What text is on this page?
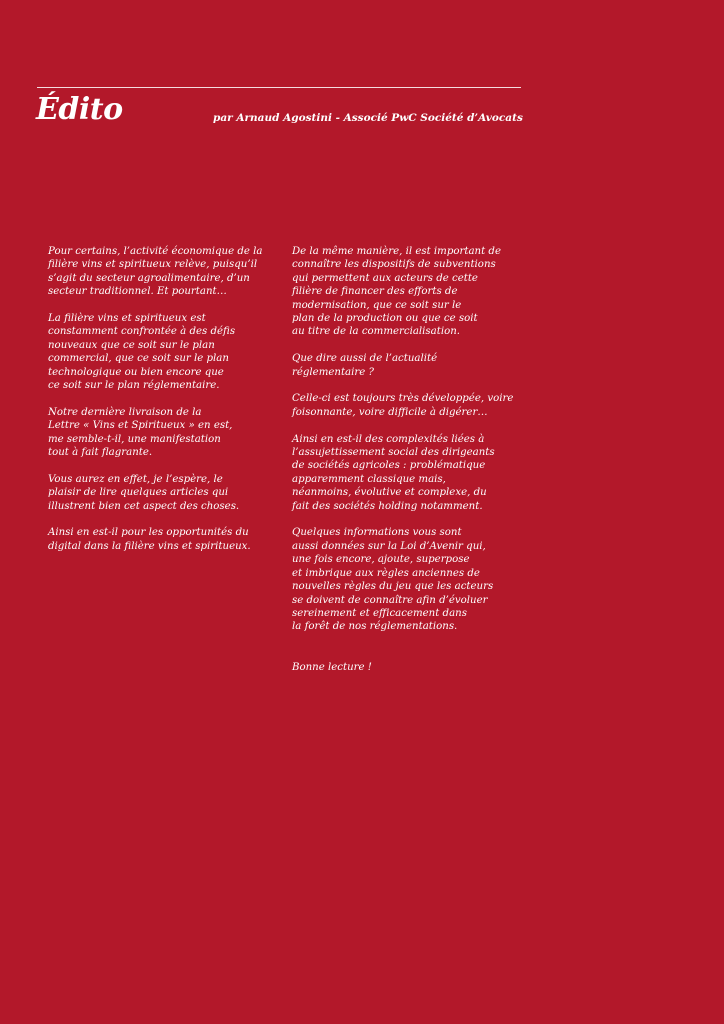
Édito	par Arnaud Agostini - Associé PwC Société d’Avocats

Pour certains, l’activité économique de la
filière vins et spiritueux relève, puisqu’il
s’agit du secteur agroalimentaire, d’un
secteur traditionnel. Et pourtant…

La filière vins et spiritueux est
constamment confrontée à des défis
nouveaux que ce soit sur le plan
commercial, que ce soit sur le plan
technologique ou bien encore que
ce soit sur le plan réglementaire.

Notre dernière livraison de la
Lettre « Vins et Spiritueux » en est,
me semble-t-il, une manifestation
tout à fait flagrante.

Vous aurez en effet, je l’espère, le
plaisir de lire quelques articles qui
illustrent bien cet aspect des choses.

Ainsi en est-il pour les opportunités du
digital dans la filière vins et spiritueux.

De la même manière, il est important de
connaître les dispositifs de subventions
qui permettent aux acteurs de cette
filière de financer des efforts de
modernisation, que ce soit sur le
plan de la production ou que ce soit
au titre de la commercialisation.

Que dire aussi de l’actualité
réglementaire ?

Celle-ci est toujours très développée, voire
foisonnante, voire difficile à digérer…

Ainsi en est-il des complexités liées à
l’assujettissement social des dirigeants
de sociétés agricoles : problématique
apparemment classique mais,
néanmoins, évolutive et complexe, du
fait des sociétés holding notamment.

Quelques informations vous sont
aussi données sur la Loi d’Avenir qui,
une fois encore, ajoute, superpose
et imbrique aux règles anciennes de
nouvelles règles du jeu que les acteurs
se doivent de connaître afin d’évoluer
sereinement et efficacement dans
la forêt de nos réglementations.

Bonne lecture !
